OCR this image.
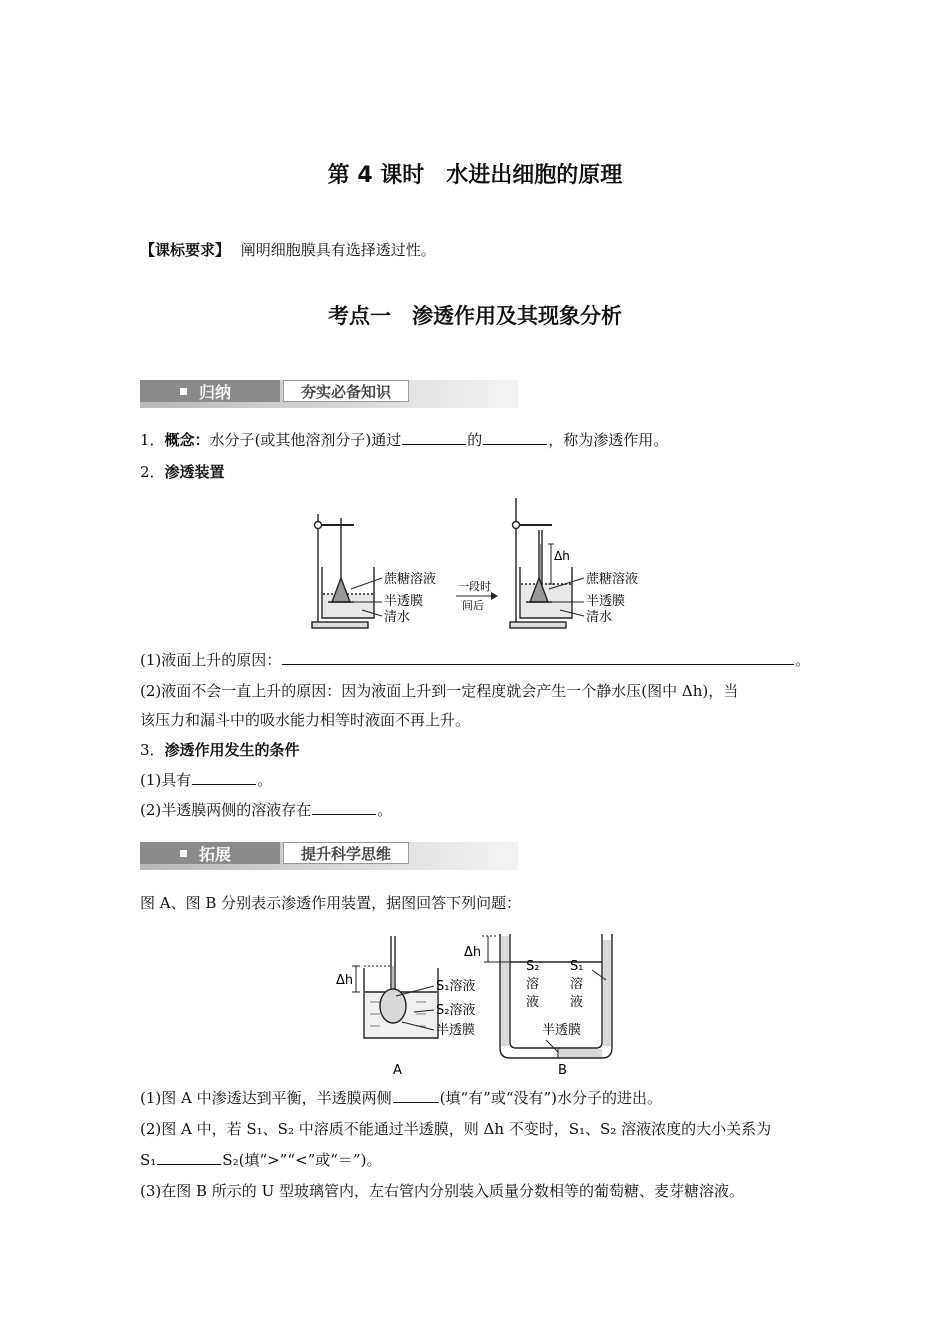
第 4 课时　水进出细胞的原理
【课标要求】 阐明细胞膜具有选择透过性。
考点一　渗透作用及其现象分析
归纳	夯实必备知识
1．概念：水分子(或其他溶剂分子)通过	的	，称为渗透作用。
2．渗透装置
蔗糖溶液
半透膜
清水
一段时
间后
Δh
蔗糖溶液
半透膜
清水
(1)液面上升的原因：	。
(2)液面不会一直上升的原因：因为液面上升到一定程度就会产生一个静水压(图中 Δh)，当
该压力和漏斗中的吸水能力相等时液面不再上升。
3．渗透作用发生的条件
(1)具有	。
(2)半透膜两侧的溶液存在	。
拓展	提升科学思维
图 A、图 B 分别表示渗透作用装置，据图回答下列问题：
Δh	S₁溶液
S₂溶液
半透膜
A
Δh
S₂
溶
液
S₁
溶
液
半透膜
B
(1)图 A 中渗透达到平衡，半透膜两侧	(填“有”或“没有”)水分子的进出。
(2)图 A 中，若 S₁、S₂ 中溶质不能通过半透膜，则 Δh 不变时，S₁、S₂ 溶液浓度的大小关系为
S₁	S₂(填“>”“<”或“＝”)。
(3)在图 B 所示的 U 型玻璃管内，左右管内分别装入质量分数相等的葡萄糖、麦芽糖溶液。
